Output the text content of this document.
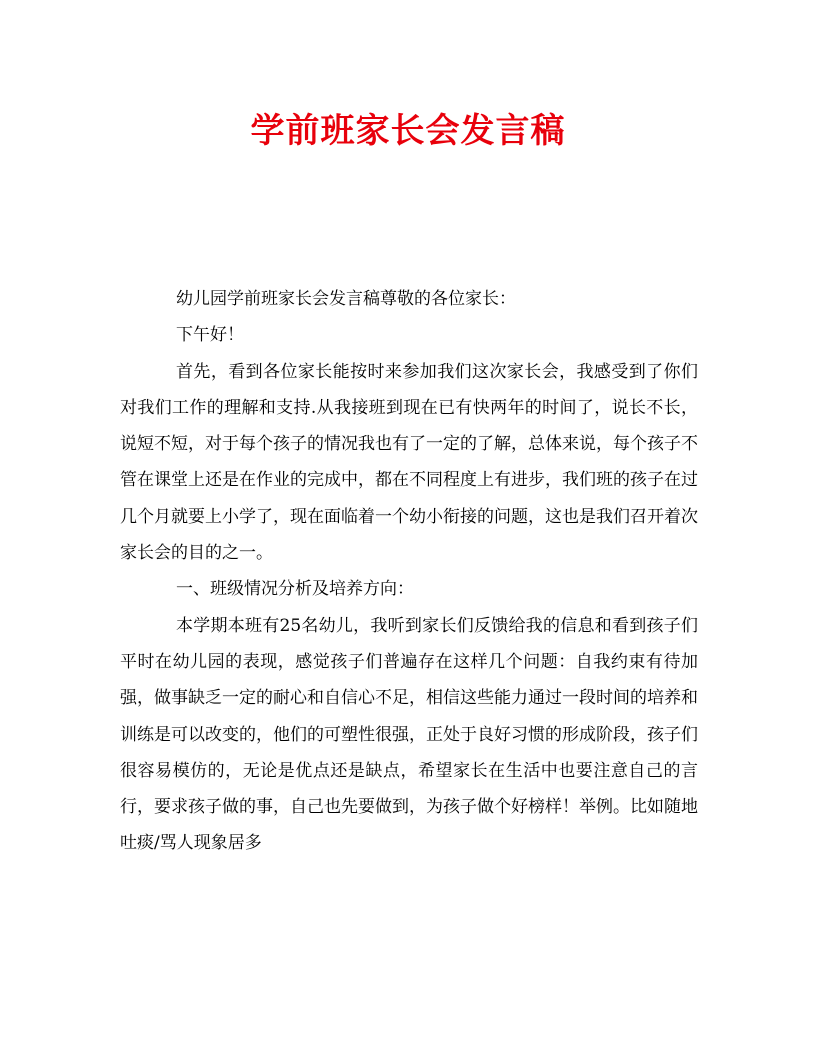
学前班家长会发言稿

幼儿园学前班家长会发言稿尊敬的各位家长：

下午好！

首先，看到各位家长能按时来参加我们这次家长会，我感受到了你们对我们工作的理解和支持.从我接班到现在已有快两年的时间了，说长不长，说短不短，对于每个孩子的情况我也有了一定的了解，总体来说，每个孩子不管在课堂上还是在作业的完成中，都在不同程度上有进步，我们班的孩子在过几个月就要上小学了，现在面临着一个幼小衔接的问题，这也是我们召开着次家长会的目的之一。

一、班级情况分析及培养方向：

本学期本班有25名幼儿，我听到家长们反馈给我的信息和看到孩子们平时在幼儿园的表现，感觉孩子们普遍存在这样几个问题：自我约束有待加强，做事缺乏一定的耐心和自信心不足，相信这些能力通过一段时间的培养和训练是可以改变的，他们的可塑性很强，正处于良好习惯的形成阶段，孩子们很容易模仿的，无论是优点还是缺点，希望家长在生活中也要注意自己的言行，要求孩子做的事，自己也先要做到，为孩子做个好榜样！举例。比如随地吐痰/骂人现象居多
